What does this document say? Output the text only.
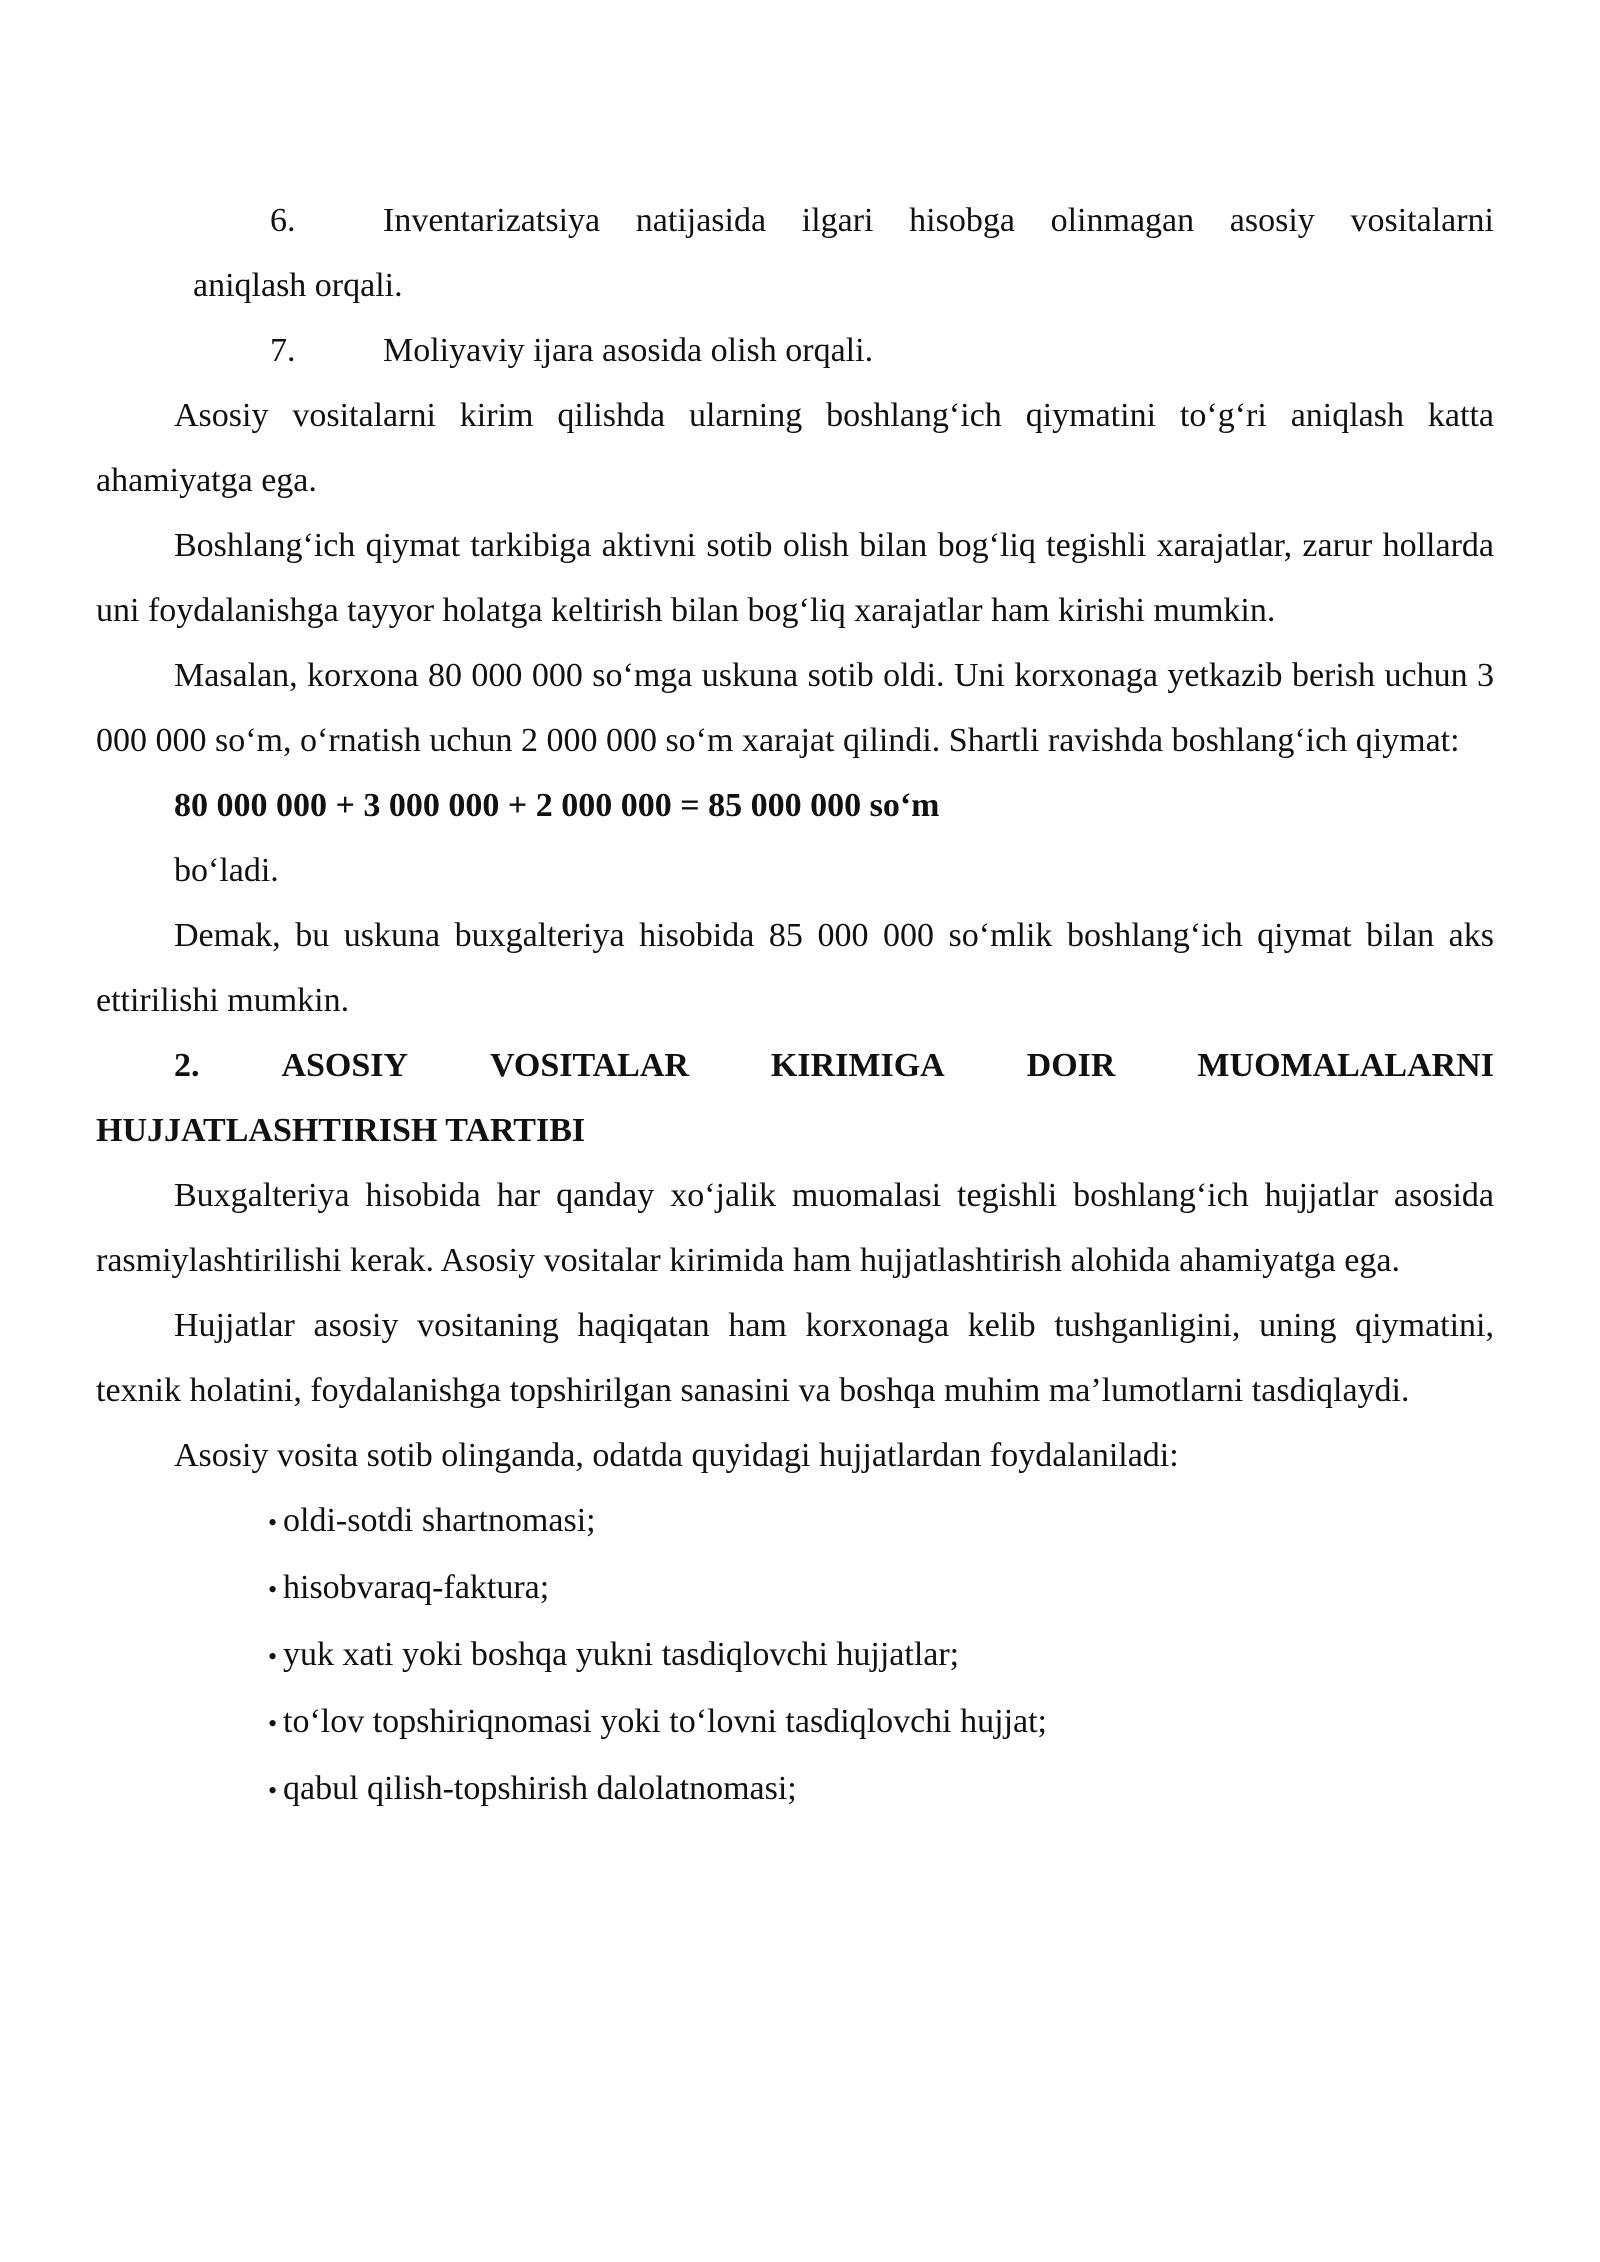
6.	Inventarizatsiya natijasida ilgari hisobga olinmagan asosiy vositalarni
aniqlash orqali.
7.	Moliyaviy ijara asosida olish orqali.

Asosiy vositalarni kirim qilishda ularning boshlang‘ich qiymatini to‘g‘ri aniqlash katta ahamiyatga ega.

Boshlang‘ich qiymat tarkibiga aktivni sotib olish bilan bog‘liq tegishli xarajatlar, zarur hollarda uni foydalanishga tayyor holatga keltirish bilan bog‘liq xarajatlar ham kirishi mumkin.

Masalan, korxona 80 000 000 so‘mga uskuna sotib oldi. Uni korxonaga yetkazib berish uchun 3 000 000 so‘m, o‘rnatish uchun 2 000 000 so‘m xarajat qilindi. Shartli ravishda boshlang‘ich qiymat:

80 000 000 + 3 000 000 + 2 000 000 = 85 000 000 so‘m

bo‘ladi.

Demak, bu uskuna buxgalteriya hisobida 85 000 000 so‘mlik boshlang‘ich qiymat bilan aks ettirilishi mumkin.

2. ASOSIY VOSITALAR KIRIMIGA DOIR MUOMALALARNI
HUJJATLASHTIRISH TARTIBI

Buxgalteriya hisobida har qanday xo‘jalik muomalasi tegishli boshlang‘ich hujjatlar asosida rasmiylashtirilishi kerak. Asosiy vositalar kirimida ham hujjatlashtirish alohida ahamiyatga ega.

Hujjatlar asosiy vositaning haqiqatan ham korxonaga kelib tushganligini, uning qiymatini, texnik holatini, foydalanishga topshirilgan sanasini va boshqa muhim ma’lumotlarni tasdiqlaydi.

Asosiy vosita sotib olinganda, odatda quyidagi hujjatlardan foydalaniladi:

• oldi-sotdi shartnomasi;
• hisobvaraq-faktura;
• yuk xati yoki boshqa yukni tasdiqlovchi hujjatlar;
• to‘lov topshiriqnomasi yoki to‘lovni tasdiqlovchi hujjat;
• qabul qilish-topshirish dalolatnomasi;
